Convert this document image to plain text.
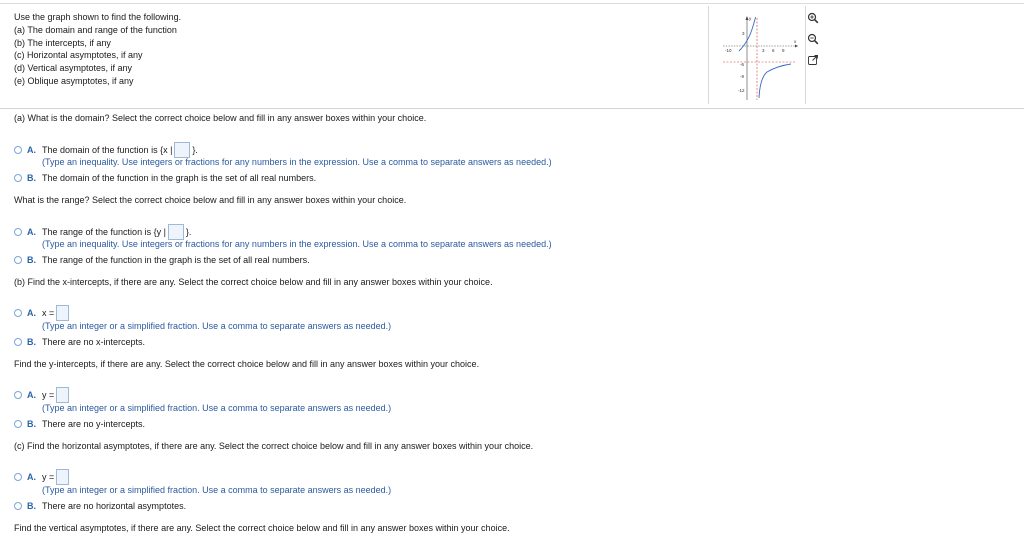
Use the graph shown to find the following.
(a) The domain and range of the function
(b) The intercepts, if any
(c) Horizontal asymptotes, if any
(d) Vertical asymptotes, if any
(e) Oblique asymptotes, if any
y
x
3
-10	3 6 9
-6
-9
-12
(a) What is the domain? Select the correct choice below and fill in any answer boxes within your choice.
A. The domain of the function is {x | }.
(Type an inequality. Use integers or fractions for any numbers in the expression. Use a comma to separate answers as needed.)
B. The domain of the function in the graph is the set of all real numbers.
What is the range? Select the correct choice below and fill in any answer boxes within your choice.
A. The range of the function is {y | }.
(Type an inequality. Use integers or fractions for any numbers in the expression. Use a comma to separate answers as needed.)
B. The range of the function in the graph is the set of all real numbers.
(b) Find the x-intercepts, if there are any. Select the correct choice below and fill in any answer boxes within your choice.
A. x =
(Type an integer or a simplified fraction. Use a comma to separate answers as needed.)
B. There are no x-intercepts.
Find the y-intercepts, if there are any. Select the correct choice below and fill in any answer boxes within your choice.
A. y =
(Type an integer or a simplified fraction. Use a comma to separate answers as needed.)
B. There are no y-intercepts.
(c) Find the horizontal asymptotes, if there are any. Select the correct choice below and fill in any answer boxes within your choice.
A. y =
(Type an integer or a simplified fraction. Use a comma to separate answers as needed.)
B. There are no horizontal asymptotes.
Find the vertical asymptotes, if there are any. Select the correct choice below and fill in any answer boxes within your choice.
